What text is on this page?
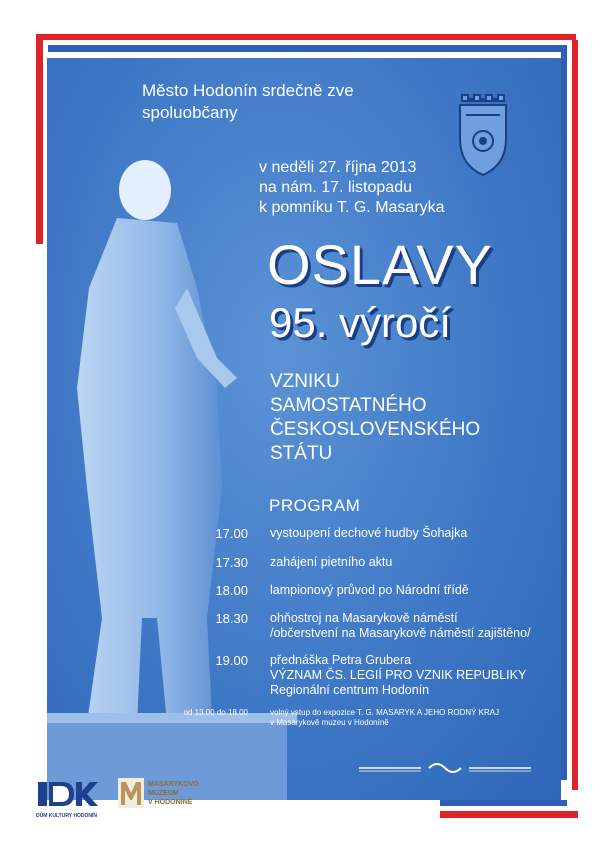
Město Hodonín srdečně zve
spoluobčany

v neděli 27. října 2013
na nám. 17. listopadu
k pomníku T. G. Masaryka

OSLAVY
95. výročí

VZNIKU
SAMOSTATNÉHO
ČESKOSLOVENSKÉHO
STÁTU

PROGRAM
17.00 vystoupení dechové hudby Šohajka
17.30 zahájení pietního aktu
18.00 lampionový průvod po Národní třídě
18.30 ohňostroj na Masarykově náměstí
/občerstvení na Masarykově náměstí zajištěno/
19.00 přednáška Petra Grubera
VÝZNAM ČS. LEGIÍ PRO VZNIK REPUBLIKY
Regionální centrum Hodonín
od 13.00 do 18.00	volný vstup do expozice T. G. MASARYK A JEHO RODNÝ KRAJ
v Masarykově muzeu v Hodoníně
DŮM KULTURY HODONÍN
MASARYKOVO
MUZEUM
V HODONÍNĚ
